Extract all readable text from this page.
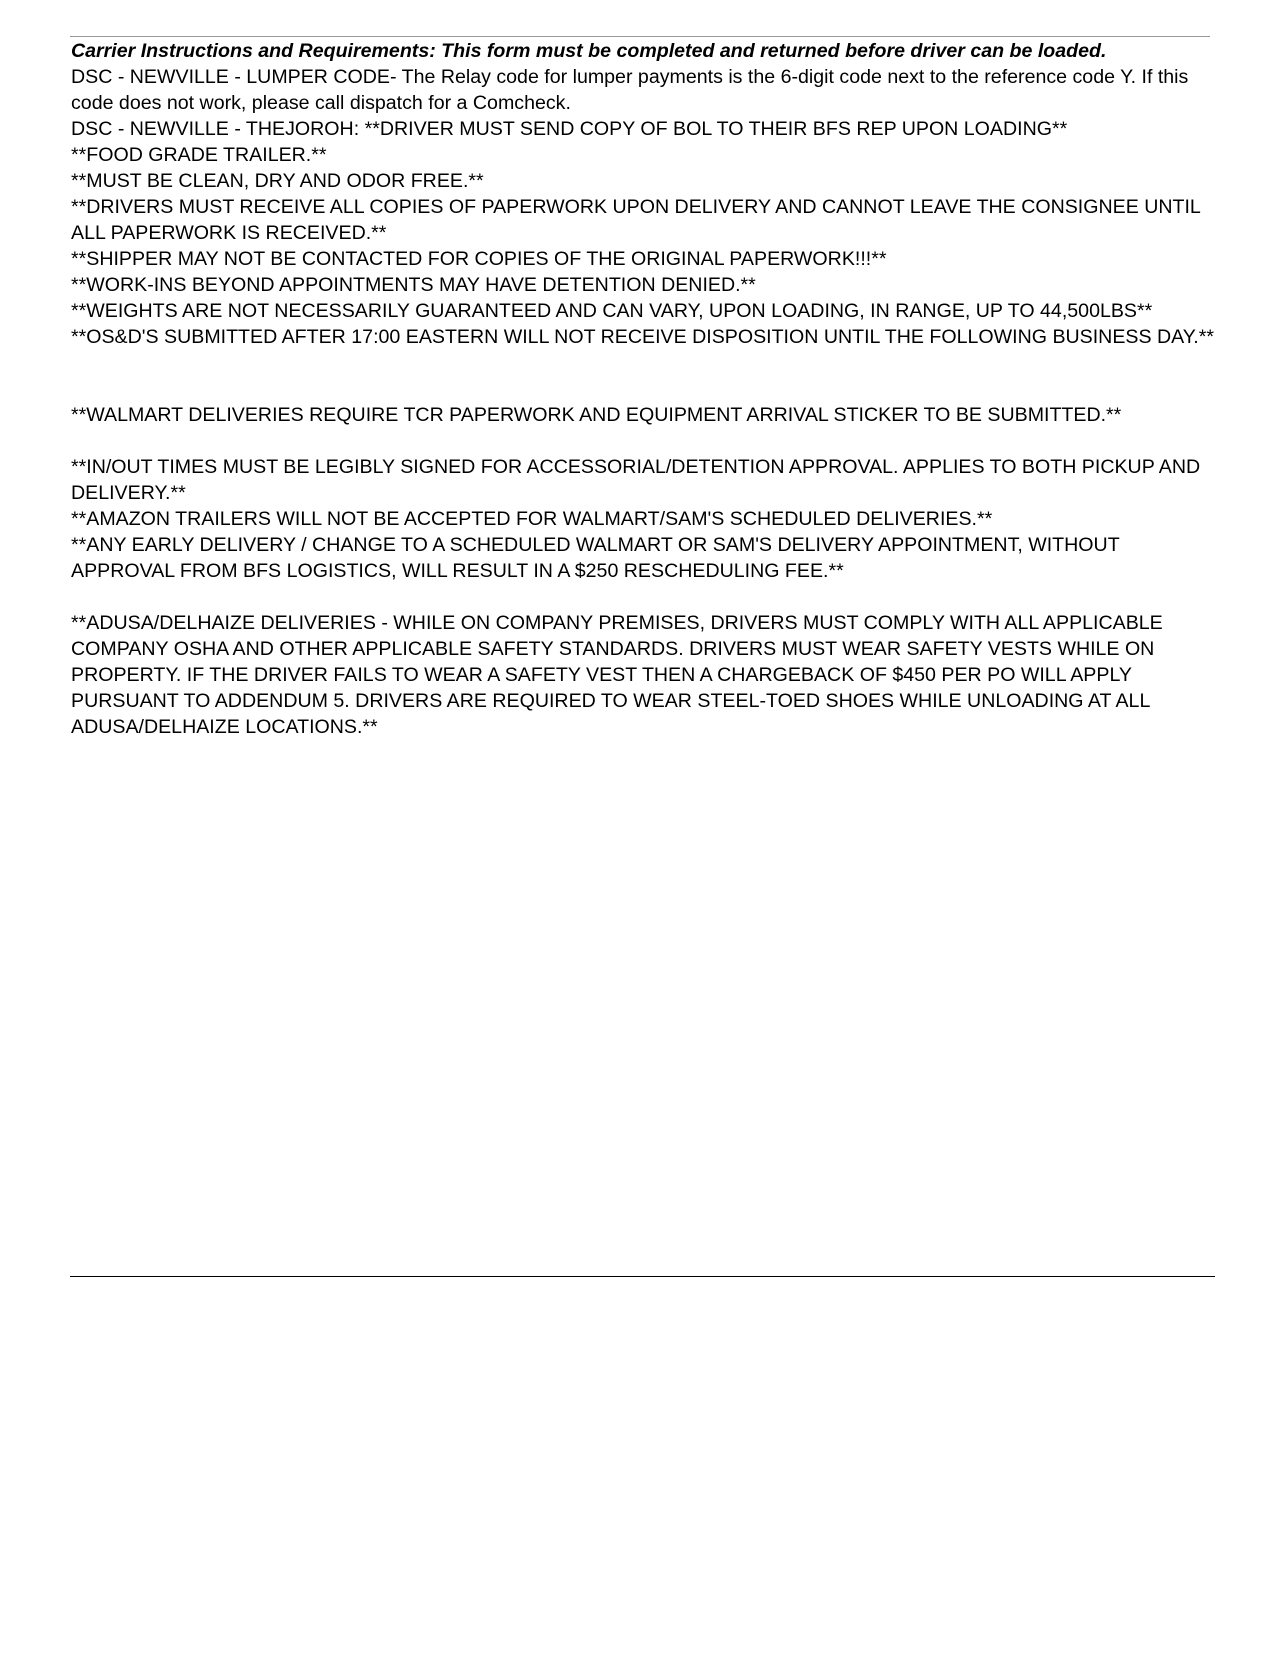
Carrier Instructions and Requirements: This form must be completed and returned before driver can be loaded.

DSC - NEWVILLE - LUMPER CODE- The Relay code for lumper payments is the 6-digit code next to the reference code Y. If this code does not work, please call dispatch for a Comcheck.

DSC - NEWVILLE - THEJOROH: **DRIVER MUST SEND COPY OF BOL TO THEIR BFS REP UPON LOADING**

**FOOD GRADE TRAILER.**

**MUST BE CLEAN, DRY AND ODOR FREE.**

**DRIVERS MUST RECEIVE ALL COPIES OF PAPERWORK UPON DELIVERY AND CANNOT LEAVE THE CONSIGNEE UNTIL ALL PAPERWORK IS RECEIVED.**

**SHIPPER MAY NOT BE CONTACTED FOR COPIES OF THE ORIGINAL PAPERWORK!!!**

**WORK-INS BEYOND APPOINTMENTS MAY HAVE DETENTION DENIED.**

**WEIGHTS ARE NOT NECESSARILY GUARANTEED AND CAN VARY, UPON LOADING, IN RANGE, UP TO 44,500LBS**

**OS&D'S SUBMITTED AFTER 17:00 EASTERN WILL NOT RECEIVE DISPOSITION UNTIL THE FOLLOWING BUSINESS DAY.**

**WALMART DELIVERIES REQUIRE TCR PAPERWORK AND EQUIPMENT ARRIVAL STICKER TO BE SUBMITTED.**

**IN/OUT TIMES MUST BE LEGIBLY SIGNED FOR ACCESSORIAL/DETENTION APPROVAL. APPLIES TO BOTH PICKUP AND DELIVERY.**

**AMAZON TRAILERS WILL NOT BE ACCEPTED FOR WALMART/SAM'S SCHEDULED DELIVERIES.**

**ANY EARLY DELIVERY / CHANGE TO A SCHEDULED WALMART OR SAM'S DELIVERY APPOINTMENT, WITHOUT APPROVAL FROM BFS LOGISTICS, WILL RESULT IN A $250 RESCHEDULING FEE.**

**ADUSA/DELHAIZE DELIVERIES - WHILE ON COMPANY PREMISES, DRIVERS MUST COMPLY WITH ALL APPLICABLE COMPANY OSHA AND OTHER APPLICABLE SAFETY STANDARDS. DRIVERS MUST WEAR SAFETY VESTS WHILE ON PROPERTY. IF THE DRIVER FAILS TO WEAR A SAFETY VEST THEN A CHARGEBACK OF $450 PER PO WILL APPLY PURSUANT TO ADDENDUM 5. DRIVERS ARE REQUIRED TO WEAR STEEL-TOED SHOES WHILE UNLOADING AT ALL ADUSA/DELHAIZE LOCATIONS.**
